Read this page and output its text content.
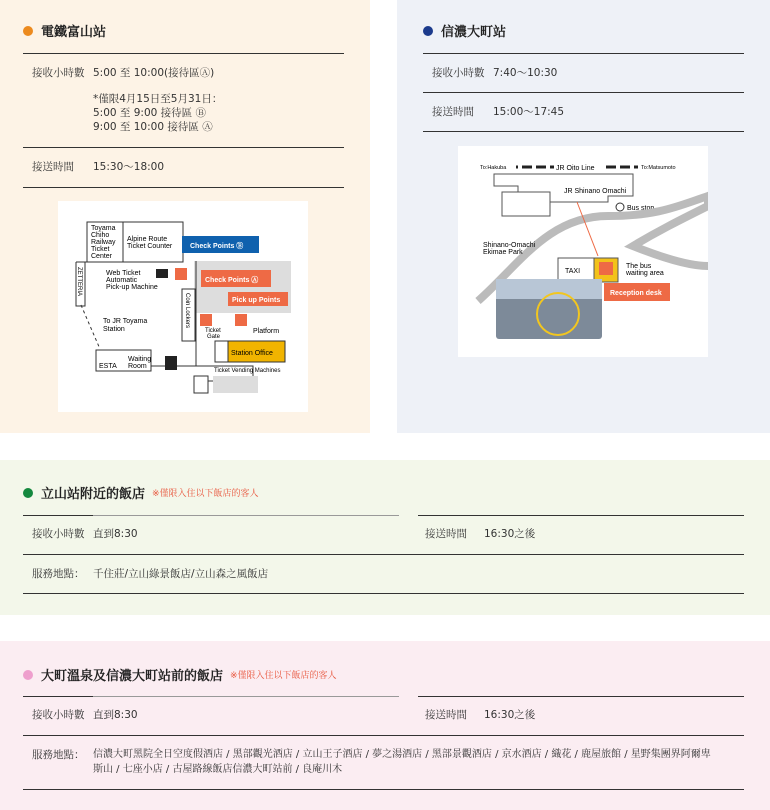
電鐵富山站
接收小時數 5:00 至 10:00(接待區Ⓐ)
*僅限4月15日至5月31日：
5:00 至 9:00 接待區 Ⓑ
9:00 至 10:00 接待區 Ⓐ
接送時間 15:30〜18:00
Toyama
Chiho
Railway
Ticket
Center
Alpine Route
Ticket Counter	Check Points Ⓑ
ZETTERIA	Web Ticket
Automatic
Pick-up Machine
Check Points Ⓐ
Pick up Points
Coin Lockers
To JR Toyama
Station	Ticket
Gate
Platform
Station Office
Ticket Vending Machines
ESTA
Waiting
Room
信濃大町站
接收小時數 7:40〜10:30
接送時間 15:00〜17:45
To:Hakuba	JR Oito Line	To:Matsumoto
JR Shinano Omachi
Bus stop
Shinano-Omachi
Ekimae Park
TAXI
The bus
waiting area
Reception desk
立山站附近的飯店 ※僅限入住以下飯店的客人
接收小時數 直到8:30	接送時間 16:30之後
服務地點： 千住莊/立山綠景飯店/立山森之風飯店
大町溫泉及信濃大町站前的飯店 ※僅限入住以下飯店的客人
接收小時數 直到8:30	接送時間 16:30之後
服務地點： 信濃大町黑院全日空度假酒店 / 黑部觀光酒店 / 立山王子酒店 / 夢之湯酒店 / 黑部景觀酒店 / 京水酒店 / 織花 / 鹿屋旅館 / 星野集團界阿爾卑
斯山 / 七座小店 / 古屋路線飯店信濃大町站前 / 良庵川木
